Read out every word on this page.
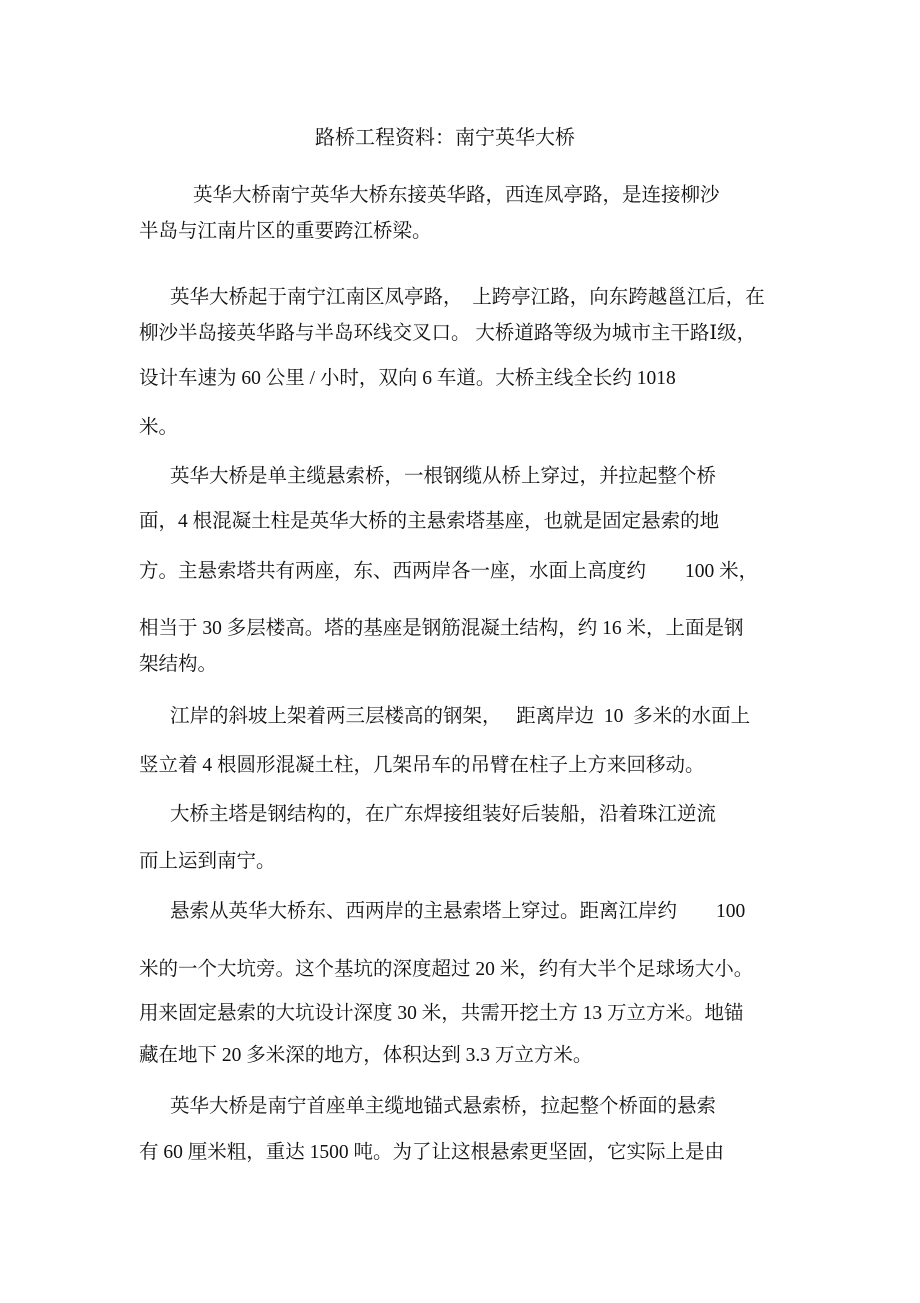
路桥工程资料：南宁英华大桥
英华大桥南宁英华大桥东接英华路，西连凤亭路，是连接柳沙
半岛与江南片区的重要跨江桥梁。
英华大桥起于南宁江南区凤亭路，  上跨亭江路，向东跨越邕江后，在
柳沙半岛接英华路与半岛环线交叉口。 大桥道路等级为城市主干路Ⅰ级，
设计车速为 60 公里 / 小时，双向 6 车道。大桥主线全长约 1018
米。
英华大桥是单主缆悬索桥，一根钢缆从桥上穿过，并拉起整个桥
面，4 根混凝土柱是英华大桥的主悬索塔基座，也就是固定悬索的地
方。主悬索塔共有两座，东、西两岸各一座，水面上高度约        100 米，
相当于 30 多层楼高。塔的基座是钢筋混凝土结构，约 16 米，上面是钢
架结构。
江岸的斜坡上架着两三层楼高的钢架，   距离岸边  10  多米的水面上
竖立着 4 根圆形混凝土柱，几架吊车的吊臂在柱子上方来回移动。
大桥主塔是钢结构的，在广东焊接组装好后装船，沿着珠江逆流
而上运到南宁。
悬索从英华大桥东、西两岸的主悬索塔上穿过。距离江岸约        100
米的一个大坑旁。这个基坑的深度超过 20 米，约有大半个足球场大小。
用来固定悬索的大坑设计深度 30 米，共需开挖土方 13 万立方米。地锚
藏在地下 20 多米深的地方，体积达到 3.3 万立方米。
英华大桥是南宁首座单主缆地锚式悬索桥，拉起整个桥面的悬索
有 60 厘米粗，重达 1500 吨。为了让这根悬索更坚固，它实际上是由
